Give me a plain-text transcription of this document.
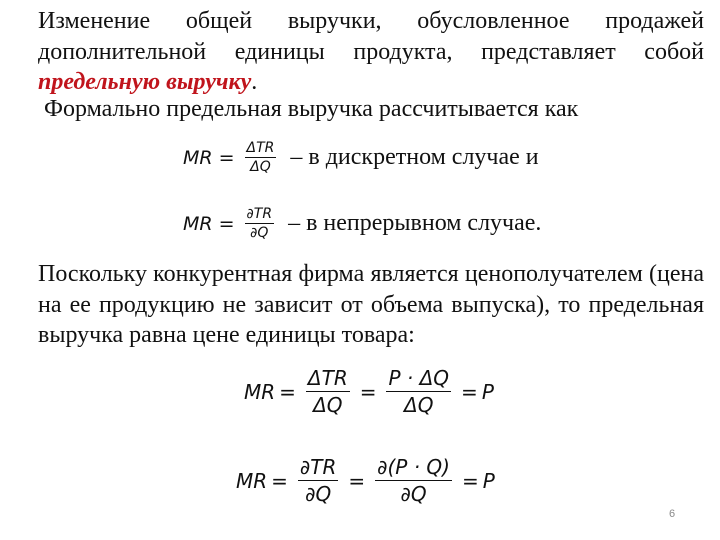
Изменение общей выручки, обусловленное продажей
дополнительной единицы продукта, представляет собой
предельную выручку.

Формально предельная выручка рассчитывается как
MR = $\frac{\text{ΔTR}}{\Delta Q}$ – в дискретном случае и
MR = $\frac{\partial TR}{\partial Q}$ – в непрерывном случае.

Поскольку конкурентная фирма является ценополучателем (цена
на ее продукцию не зависит от объема выпуска), то предельная
выручка равна цене единицы товара:

MR = $\frac{\text{ΔTR}}{\Delta Q} = \frac{P \cdot \Delta Q}{\Delta Q} = P$
MR = $\frac{\partial TR}{\partial Q} = \frac{\partial(P \cdot Q)}{\partial Q} = P$
6
